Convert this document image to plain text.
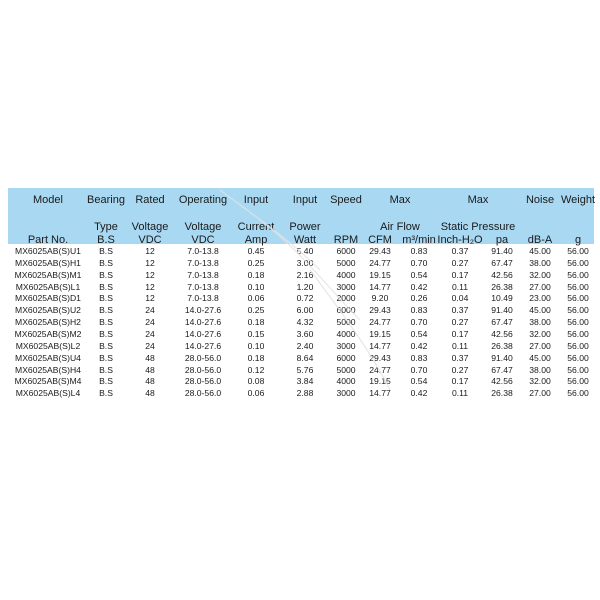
Model Bearing Rated Operating Input Input Speed	Max	Max	Noise Weight
Type Voltage Voltage Current Power	Air Flow Static Pressure
Part No.	B.S VDC	VDC	Amp Watt RPM CFM m³/min Inch-H₂O pa dB-A g
MX6025AB(S)U1 B.S	12	7.0-13.8	0.45	5.40	6000 29.43 0.83	0.37	91.40 45.00 56.00
MX6025AB(S)H1 B.S	12	7.0-13.8	0.25	3.00	5000 24.77 0.70	0.27	67.47 38.00 56.00
MX6025AB(S)M1 B.S	12	7.0-13.8	0.18	2.16	4000 19.15 0.54	0.17	42.56 32.00 56.00
MX6025AB(S)L1 B.S	12	7.0-13.8	0.10	1.20	3000 14.77 0.42	0.11	26.38 27.00 56.00
MX6025AB(S)D1 B.S	12	7.0-13.8	0.06	0.72	2000 9.20	0.26	0.04	10.49 23.00 56.00
MX6025AB(S)U2 B.S	24	14.0-27.6	0.25	6.00	6000 29.43 0.83	0.37	91.40 45.00 56.00
MX6025AB(S)H2 B.S	24	14.0-27.6	0.18	4.32	5000 24.77 0.70	0.27	67.47 38.00 56.00
MX6025AB(S)M2 B.S	24	14.0-27.6	0.15	3.60	4000 19.15 0.54	0.17	42.56 32.00 56.00
MX6025AB(S)L2 B.S	24	14.0-27.6	0.10	2.40	3000 14.77 0.42	0.11	26.38 27.00 56.00
MX6025AB(S)U4 B.S	48	28.0-56.0	0.18	8.64	6000 29.43 0.83	0.37	91.40 45.00 56.00
MX6025AB(S)H4 B.S	48	28.0-56.0	0.12	5.76	5000 24.77 0.70	0.27	67.47 38.00 56.00
MX6025AB(S)M4 B.S	48	28.0-56.0	0.08	3.84	4000 19.15 0.54	0.17	42.56 32.00 56.00
MX6025AB(S)L4 B.S	48	28.0-56.0	0.06	2.88	3000 14.77 0.42	0.11	26.38 27.00 56.00
